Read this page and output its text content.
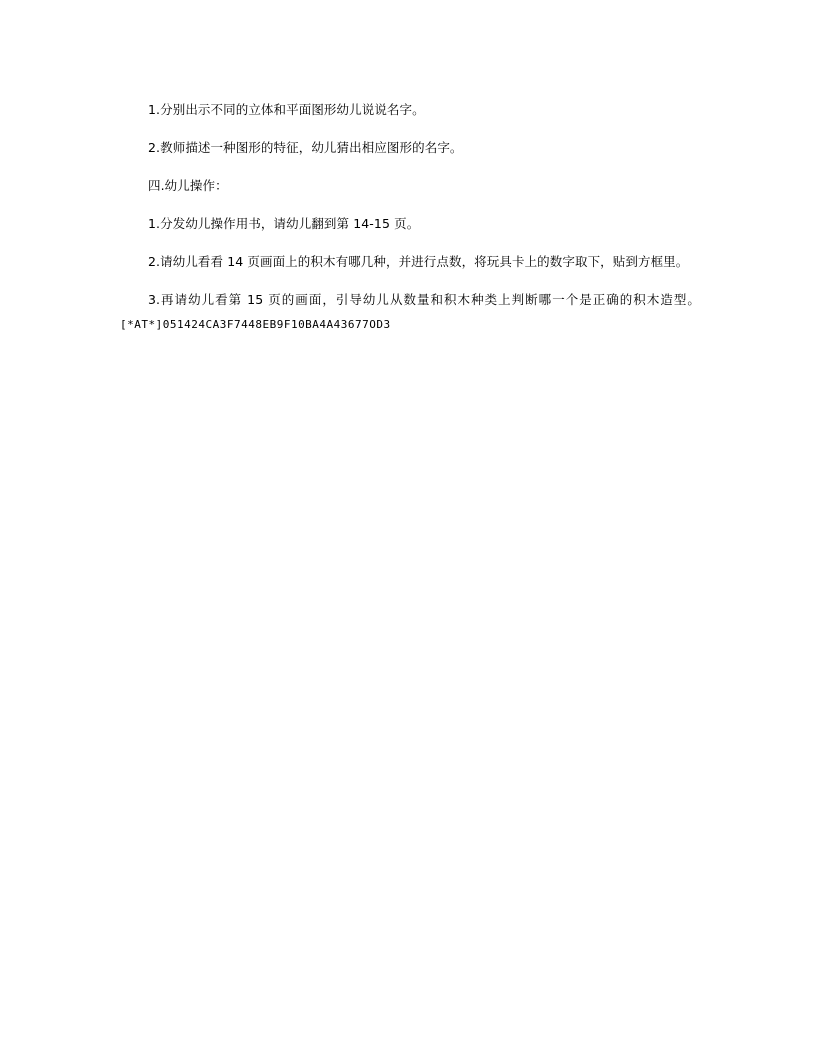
1.分别出示不同的立体和平面图形幼儿说说名字。

2.教师描述一种图形的特征，幼儿猜出相应图形的名字。

四.幼儿操作：

1.分发幼儿操作用书，请幼儿翻到第 14-15 页。

2.请幼儿看看 14 页画面上的积木有哪几种，并进行点数，将玩具卡上的数字取下，贴到方框里。

3.再请幼儿看第 15 页的画面，引导幼儿从数量和积木种类上判断哪一个是正确的积木造型。[*AT*]051424CA3F7448EB9F10BA4A43677OD3
